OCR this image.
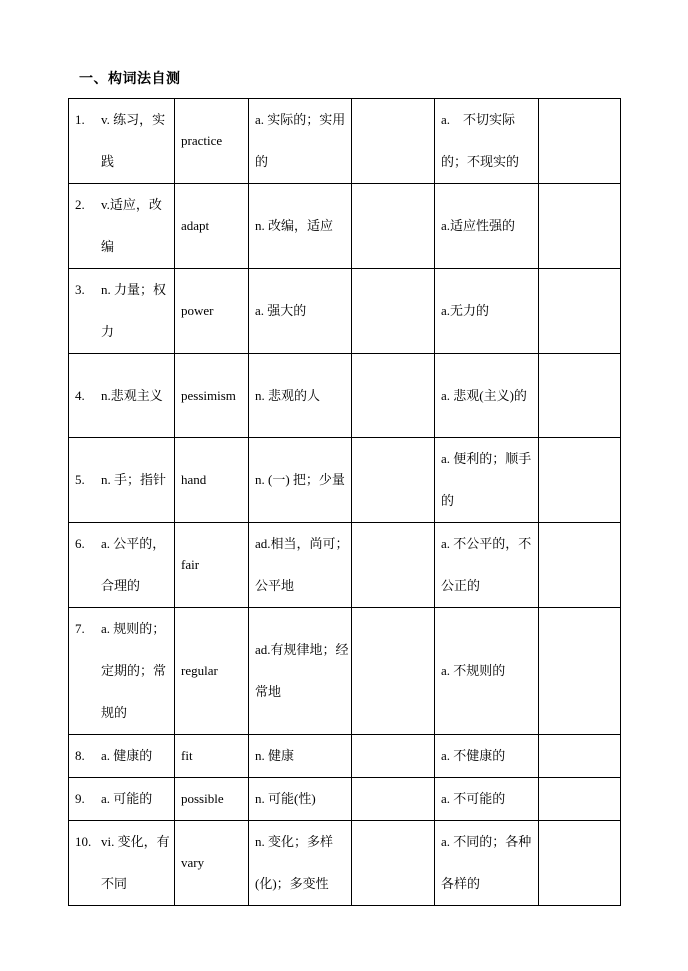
一、构词法自测
1. v. 练习，实践	practice	a. 实际的；实用的		a.　不切实际的；不现实的	

2. v.适应，改编	adapt	n. 改编，适应		a.适应性强的	

3. n. 力量；权力	power	a. 强大的		a.无力的	

4. n.悲观主义	pessimism	n. 悲观的人		a. 悲观(主义)的	

5. n. 手；指针	hand	n. (一) 把；少量		a. 便利的；顺手的	

6. a. 公平的，合理的	fair	ad.相当，尚可；公平地		a. 不公平的，不公正的	

7. a. 规则的；定期的；常规的	regular	ad.有规律地；经常地		a. 不规则的	

8. a. 健康的	fit	n. 健康		a. 不健康的	

9. a. 可能的	possible	n. 可能(性)		a. 不可能的	

10. vi. 变化，有不同	vary	n. 变化；多样(化)；多变性		a. 不同的；各种各样的	
